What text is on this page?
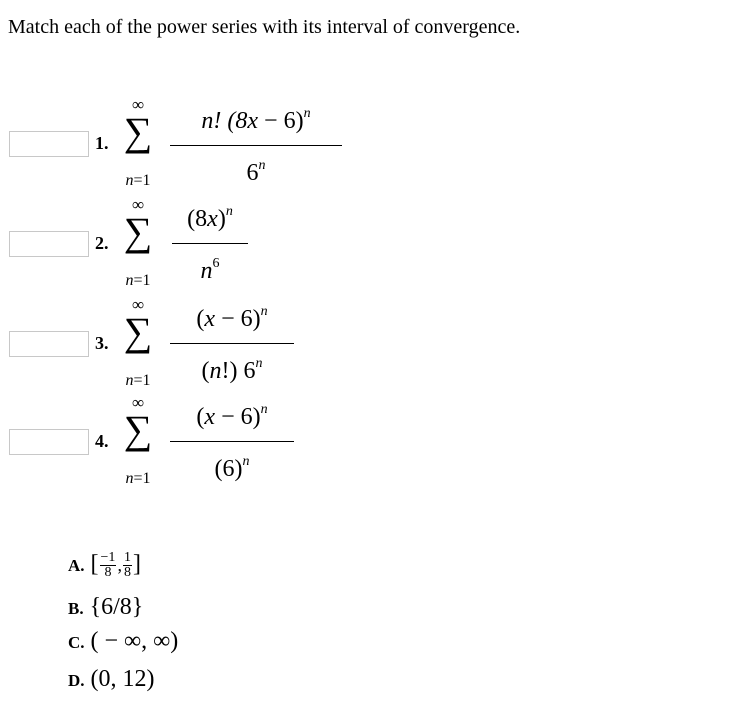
Match each of the power series with its interval of convergence.
1.
∞
∑
n=1
n! $(8x - 6)^n$
6$^n$
2.
∞
∑
n=1
$(8x)^n$
$n^6$
3.
∞
∑
n=1
$(x - 6)^n$
(n!) 6$^n$
4.
∞
∑
n=1
$(x - 6)^n$
$(6)^n$
A. [ $\frac{-1}{8}$ , $\frac{1}{8}$ ]
B. {6/8}
C. ( − ∞, ∞)
D. (0, 12)
